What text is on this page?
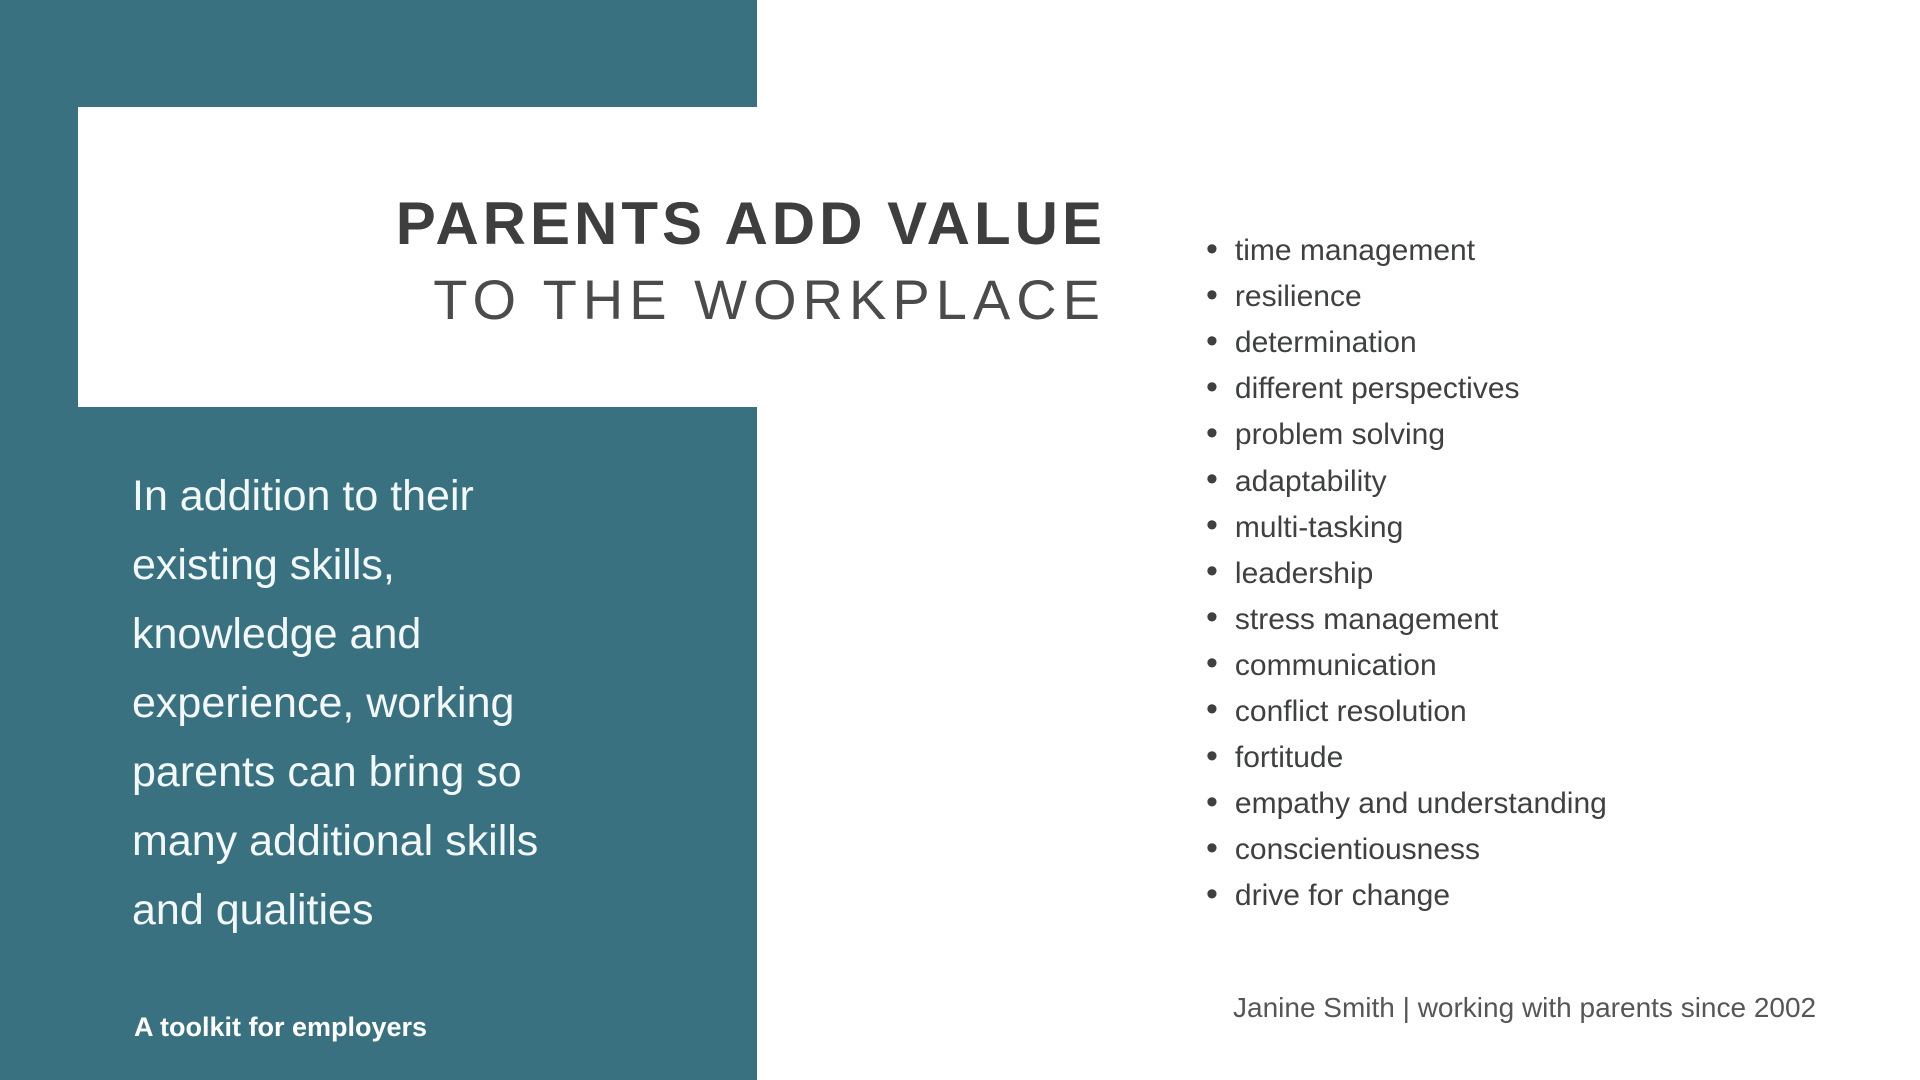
PARENTS ADD VALUE
TO THE WORKPLACE
In addition to their
existing skills,
knowledge and
experience, working
parents can bring so
many additional skills
and qualities
A toolkit for employers
• time management
• resilience
• determination
• different perspectives
• problem solving
• adaptability
• multi-tasking
• leadership
• stress management
• communication
• conflict resolution
• fortitude
• empathy and understanding
• conscientiousness
• drive for change
Janine Smith | working with parents since 2002
